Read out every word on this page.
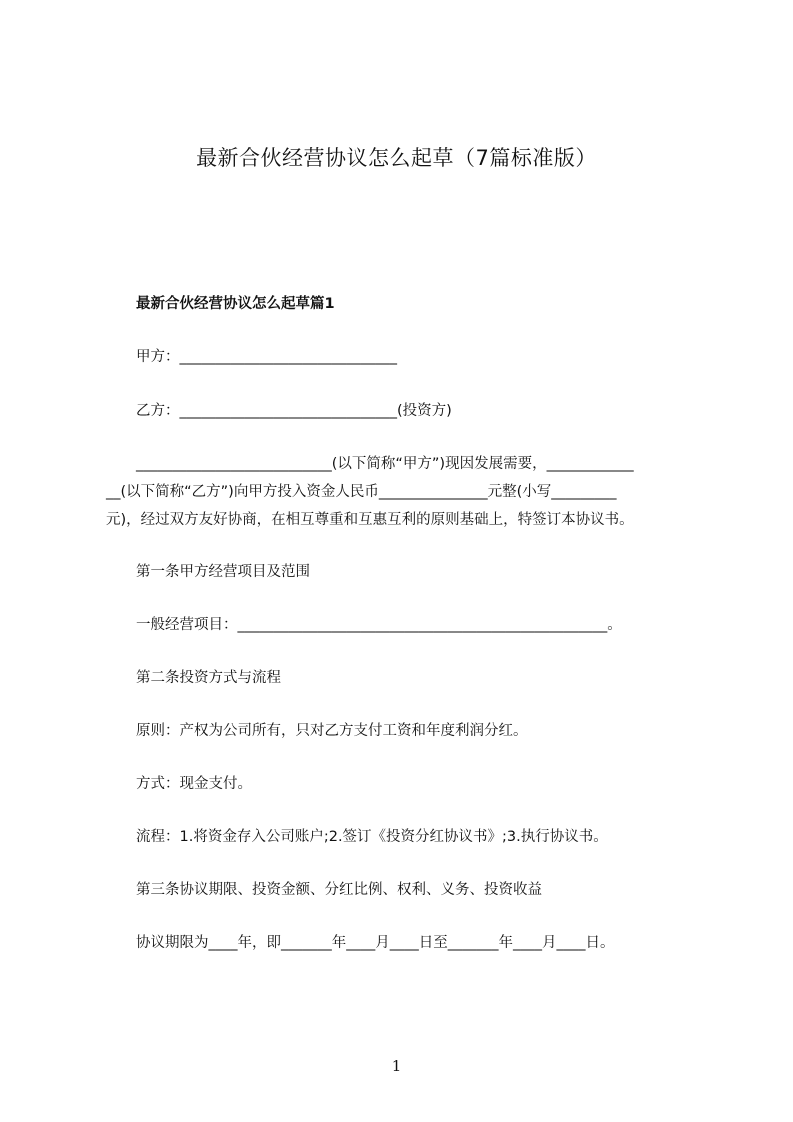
最新合伙经营协议怎么起草（7篇标准版）
最新合伙经营协议怎么起草篇1
甲方：______________________________
乙方：______________________________(投资方)
___________________________(以下简称“甲方”)现因发展需要，____________
__(以下简称“乙方”)向甲方投入资金人民币_______________元整(小写_________
元)，经过双方友好协商，在相互尊重和互惠互利的原则基础上，特签订本协议书。
第一条甲方经营项目及范围
一般经营项目：___________________________________________________。
第二条投资方式与流程
原则：产权为公司所有，只对乙方支付工资和年度利润分红。
方式：现金支付。
流程：1.将资金存入公司账户;2.签订《投资分红协议书》;3.执行协议书。
第三条协议期限、投资金额、分红比例、权利、义务、投资收益
协议期限为____年，即_______年____月____日至_______年____月____日。
1
